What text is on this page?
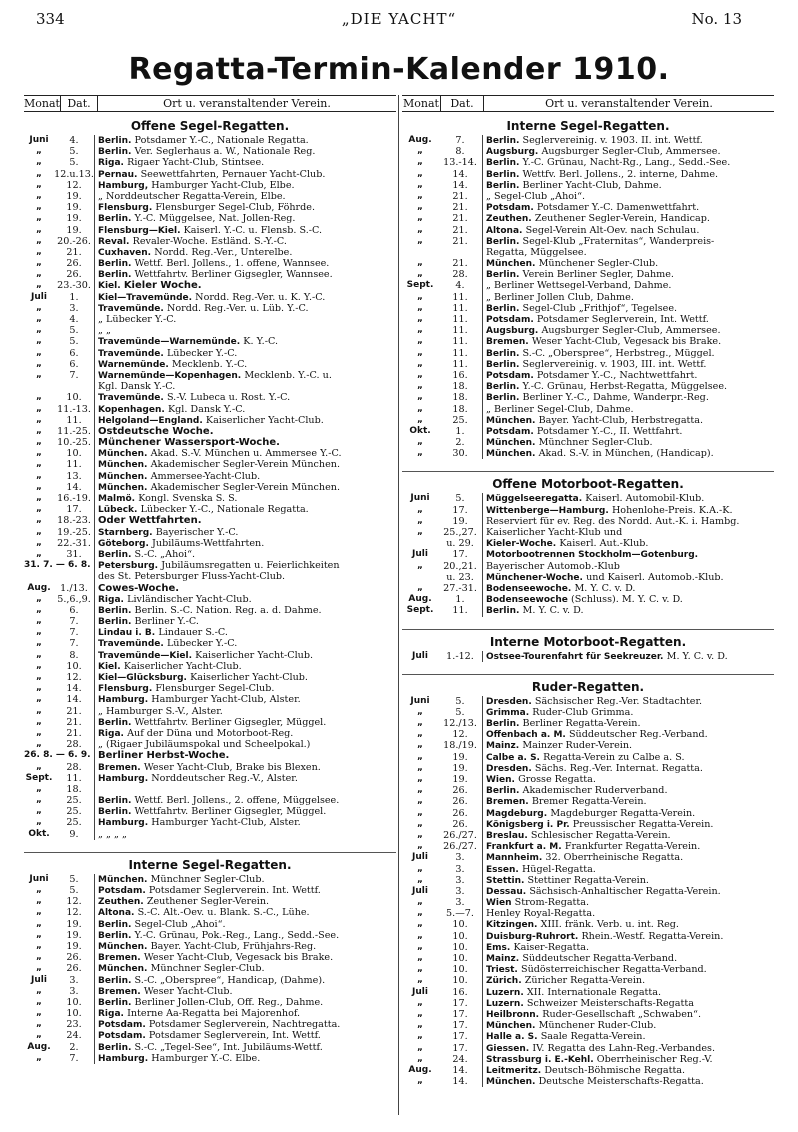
334	„DIE YACHT“	No. 13
Regatta-Termin-Kalender 1910.
Monat Dat.	Ort u. veranstaltender Verein.
Offene Segel-Regatten.
Juni	4.	Berlin. Potsdamer Y.-C., Nationale Regatta.
„	5.	Berlin. Ver. Seglerhaus a. W., Nationale Reg.
„	5.	Riga. Rigaer Yacht-Club, Stintsee.
„	12.u.13. Pernau. Seewettfahrten, Pernauer Yacht-Club.
„	12.	Hamburg, Hamburger Yacht-Club, Elbe.
„	19.	„ Norddeutscher Regatta-Verein, Elbe.
„	19.	Flensburg. Flensburger Segel-Club, Föhrde.
„	19.	Berlin. Y.-C. Müggelsee, Nat. Jollen-Reg.
„	19.	Flensburg—Kiel. Kaiserl. Y.-C. u. Flensb. S.-C.
„	20.-26. Reval. Revaler-Woche. Estländ. S.-Y.-C.
„	21.	Cuxhaven. Nordd. Reg.-Ver., Unterelbe.
„	26.	Berlin. Wettf. Berl. Jollens., 1. offene, Wannsee.
„	26.	Berlin. Wettfahrtv. Berliner Gigsegler, Wannsee.
„	23.-30. Kiel. Kieler Woche.
Juli	1.	Kiel—Travemünde. Nordd. Reg.-Ver. u. K. Y.-C.
„	3.	Travemünde. Nordd. Reg.-Ver. u. Lüb. Y.-C.
„	4.	„ Lübecker Y.-C.
„	5.	„ „
„	5.	Travemünde—Warnemünde. K. Y.-C.
„	6.	Travemünde. Lübecker Y.-C.
„	6.	Warnemünde. Mecklenb. Y.-C.
„	7.	Warnemünde—Kopenhagen. Mecklenb. Y.-C. u.
Kgl. Dansk Y.-C.
„	10.	Travemünde. S.-V. Lubeca u. Rost. Y.-C.
„	11.-13. Kopenhagen. Kgl. Dansk Y.-C.
„	11.	Helgoland—England. Kaiserlicher Yacht-Club.
„	11.-25. Ostdeutsche Woche.
„	10.-25. Münchener Wassersport-Woche.
„	10.	München. Akad. S.-V. München u. Ammersee Y.-C.
„	11.	München. Akademischer Segler-Verein München.
„	13.	München. Ammersee-Yacht-Club.
„	14.	München. Akademischer Segler-Verein München.
„	16.-19. Malmö. Kongl. Svenska S. S.
„	17.	Lübeck. Lübecker Y.-C., Nationale Regatta.
„	18.-23. Oder Wettfahrten.
„	19.-25. Starnberg. Bayerischer Y.-C.
„	22.-31. Göteborg. Jubiläums-Wettfahrten.
„	31.	Berlin. S.-C. „Ahoi“.
31. 7. — 6. 8. Petersburg. Jubiläumsregatten u. Feierlichkeiten
des St. Petersburger Fluss-Yacht-Club.
Aug. 1./13.	Cowes-Woche.
„	5.,6.,9. Riga. Livländischer Yacht-Club.
„	6.	Berlin. Berlin. S.-C. Nation. Reg. a. d. Dahme.
„	7.	Berlin. Berliner Y.-C.
„	7.	Lindau i. B. Lindauer S.-C.
„	7.	Travemünde. Lübecker Y.-C.
„	8.	Travemünde—Kiel. Kaiserlicher Yacht-Club.
„	10.	Kiel. Kaiserlicher Yacht-Club.
„	12.	Kiel—Glücksburg. Kaiserlicher Yacht-Club.
„	14.	Flensburg. Flensburger Segel-Club.
„	14.	Hamburg. Hamburger Yacht-Club, Alster.
„	21.	„ Hamburger S.-V., Alster.
„	21.	Berlin. Wettfahrtv. Berliner Gigsegler, Müggel.
„	21.	Riga. Auf der Düna und Motorboot-Reg.
„	28.	„ (Rigaer Jubiläumspokal und Scheelpokal.)
26. 8. — 6. 9. Berliner Herbst-Woche.
„	28.	Bremen. Weser Yacht-Club, Brake bis Blexen.
Sept.	11.	Hamburg. Norddeutscher Reg.-V., Alster.
„	18.
„	25.	Berlin. Wettf. Berl. Jollens., 2. offene, Müggelsee.
„	25.	Berlin. Wettfahrtv. Berliner Gigsegler, Müggel.
„	25.	Hamburg. Hamburger Yacht-Club, Alster.
Okt.	9.	„ „ „ „
Interne Segel-Regatten.
Juni	5.	München. Münchner Segler-Club.
„	5.	Potsdam. Potsdamer Seglerverein. Int. Wettf.
„	12.	Zeuthen. Zeuthener Segler-Verein.
„	12.	Altona. S.-C. Alt.-Oev. u. Blank. S.-C., Lühe.
„	19.	Berlin. Segel-Club „Ahoi“.
„	19.	Berlin. Y.-C. Grünau, Pok.-Reg., Lang., Sedd.-See.
„	19.	München. Bayer. Yacht-Club, Frühjahrs-Reg.
„	26.	Bremen. Weser Yacht-Club, Vegesack bis Brake.
„	26.	München. Münchner Segler-Club.
Juli	3.	Berlin. S.-C. „Oberspree“, Handicap, (Dahme).
„	3.	Bremen. Weser Yacht-Club.
„	10.	Berlin. Berliner Jollen-Club, Off. Reg., Dahme.
„	10.	Riga. Interne Aa-Regatta bei Majorenhof.
„	23.	Potsdam. Potsdamer Seglerverein, Nachtregatta.
„	24.	Potsdam. Potsdamer Seglerverein, Int. Wettf.
Aug.	2.	Berlin. S.-C. „Tegel-See“, Int. Jubiläums-Wettf.
„	7.	Hamburg. Hamburger Y.-C. Elbe.
Monat	Dat.	Ort u. veranstaltender Verein.
Interne Segel-Regatten.
Aug.	7.	Berlin. Seglervereinig. v. 1903. II. int. Wettf.
„	8.	Augsburg. Augsburger Segler-Club, Ammersee.
„	13.-14.	Berlin. Y.-C. Grünau, Nacht-Rg., Lang., Sedd.-See.
„	14.	Berlin. Wettfv. Berl. Jollens., 2. interne, Dahme.
„	14.	Berlin. Berliner Yacht-Club, Dahme.
„	21.	„ Segel-Club „Ahoi“.
„	21.	Potsdam. Potsdamer Y.-C. Damenwettfahrt.
„	21.	Zeuthen. Zeuthener Segler-Verein, Handicap.
„	21.	Altona. Segel-Verein Alt-Oev. nach Schulau.
„	21.	Berlin. Segel-Klub „Fraternitas“, Wanderpreis-
Regatta, Müggelsee.
„	21.	München. Münchener Segler-Club.
„	28.	Berlin. Verein Berliner Segler, Dahme.
Sept.	4.	„ Berliner Wettsegel-Verband, Dahme.
„	11.	„ Berliner Jollen Club, Dahme.
„	11.	Berlin. Segel-Club „Frithjof“, Tegelsee.
„	11.	Potsdam. Potsdamer Seglerverein, Int. Wettf.
„	11.	Augsburg. Augsburger Segler-Club, Ammersee.
„	11.	Bremen. Weser Yacht-Club, Vegesack bis Brake.
„	11.	Berlin. S.-C. „Oberspree“, Herbstreg., Müggel.
„	11.	Berlin. Seglervereinig. v. 1903, III. int. Wettf.
„	16.	Potsdam. Potsdamer Y.-C., Nachtwettfahrt.
„	18.	Berlin. Y.-C. Grünau, Herbst-Regatta, Müggelsee.
„	18.	Berlin. Berliner Y.-C., Dahme, Wanderpr.-Reg.
„	18.	„ Berliner Segel-Club, Dahme.
„	25.	München. Bayer. Yacht-Club, Herbstregatta.
Okt.	1.	Potsdam. Potsdamer Y.-C., II. Wettfahrt.
„	2.	München. Münchner Segler-Club.
„	30.	München. Akad. S.-V. in München, (Handicap).
Offene Motorboot-Regatten.
Juni	5.	Müggelseeregatta. Kaiserl. Automobil-Klub.
„	17.	Wittenberge—Hamburg. Hohenlohe-Preis. K.A.-K.
„	19.	Reserviert für ev. Reg. des Nordd. Aut.-K. i. Hambg.
„	25.,27. Kaiserlicher Yacht-Klub und
u. 29.	Kieler-Woche. Kaiserl. Aut.-Klub.
Juli	17.	Motorbootrennen Stockholm—Gotenburg.
„	20.,21. Bayerischer Automob.-Klub
u. 23.	Münchener-Woche. und Kaiserl. Automob.-Klub.
„	27.-31.	Bodenseewoche. M. Y. C. v. D.
Aug.	1.	Bodenseewoche (Schluss). M. Y. C. v. D.
Sept.	11.	Berlin. M. Y. C. v. D.
Interne Motorboot-Regatten.
Juli	1.-12.	Ostsee-Tourenfahrt für Seekreuzer. M. Y. C. v. D.
Ruder-Regatten.
Juni	5.	Dresden. Sächsischer Reg.-Ver. Stadtachter.
„	5.	Grimma. Ruder-Club Grimma.
„	12./13.	Berlin. Berliner Regatta-Verein.
„	12.	Offenbach a. M. Süddeutscher Reg.-Verband.
„	18./19.	Mainz. Mainzer Ruder-Verein.
„	19.	Calbe a. S. Regatta-Verein zu Calbe a. S.
„	19.	Dresden. Sächs. Reg.-Ver. Internat. Regatta.
„	19.	Wien. Grosse Regatta.
„	26.	Berlin. Akademischer Ruderverband.
„	26.	Bremen. Bremer Regatta-Verein.
„	26.	Magdeburg. Magdeburger Regatta-Verein.
„	26.	Königsberg i. Pr. Preussischer Regatta-Verein.
„	26./27.	Breslau. Schlesischer Regatta-Verein.
„	26./27.	Frankfurt a. M. Frankfurter Regatta-Verein.
Juli	3.	Mannheim. 32. Oberrheinische Regatta.
„	3.	Essen. Hügel-Regatta.
„	3.	Stettin. Stettiner Regatta-Verein.
Juli	3.	Dessau. Sächsisch-Anhaltischer Regatta-Verein.
„	3.	Wien Strom-Regatta.
„	5.—7.	Henley Royal-Regatta.
„	10.	Kitzingen. XIII. fränk. Verb. u. int. Reg.
„	10.	Duisburg-Ruhrort. Rhein.-Westf. Regatta-Verein.
„	10.	Ems. Kaiser-Regatta.
„	10.	Mainz. Süddeutscher Regatta-Verband.
„	10.	Triest. Südösterreichischer Regatta-Verband.
„	10.	Zürich. Züricher Regatta-Verein.
Juli	16.	Luzern. XII. Internationale Regatta.
„	17.	Luzern. Schweizer Meisterschafts-Regatta
„	17.	Heilbronn. Ruder-Gesellschaft „Schwaben“.
„	17.	München. Münchener Ruder-Club.
„	17.	Halle a. S. Saale Regatta-Verein.
„	17.	Giessen. IV. Regatta des Lahn-Reg.-Verbandes.
„	24.	Strassburg i. E.-Kehl. Oberrheinischer Reg.-V.
Aug.	14.	Leitmeritz. Deutsch-Böhmische Regatta.
„	14.	München. Deutsche Meisterschafts-Regatta.
